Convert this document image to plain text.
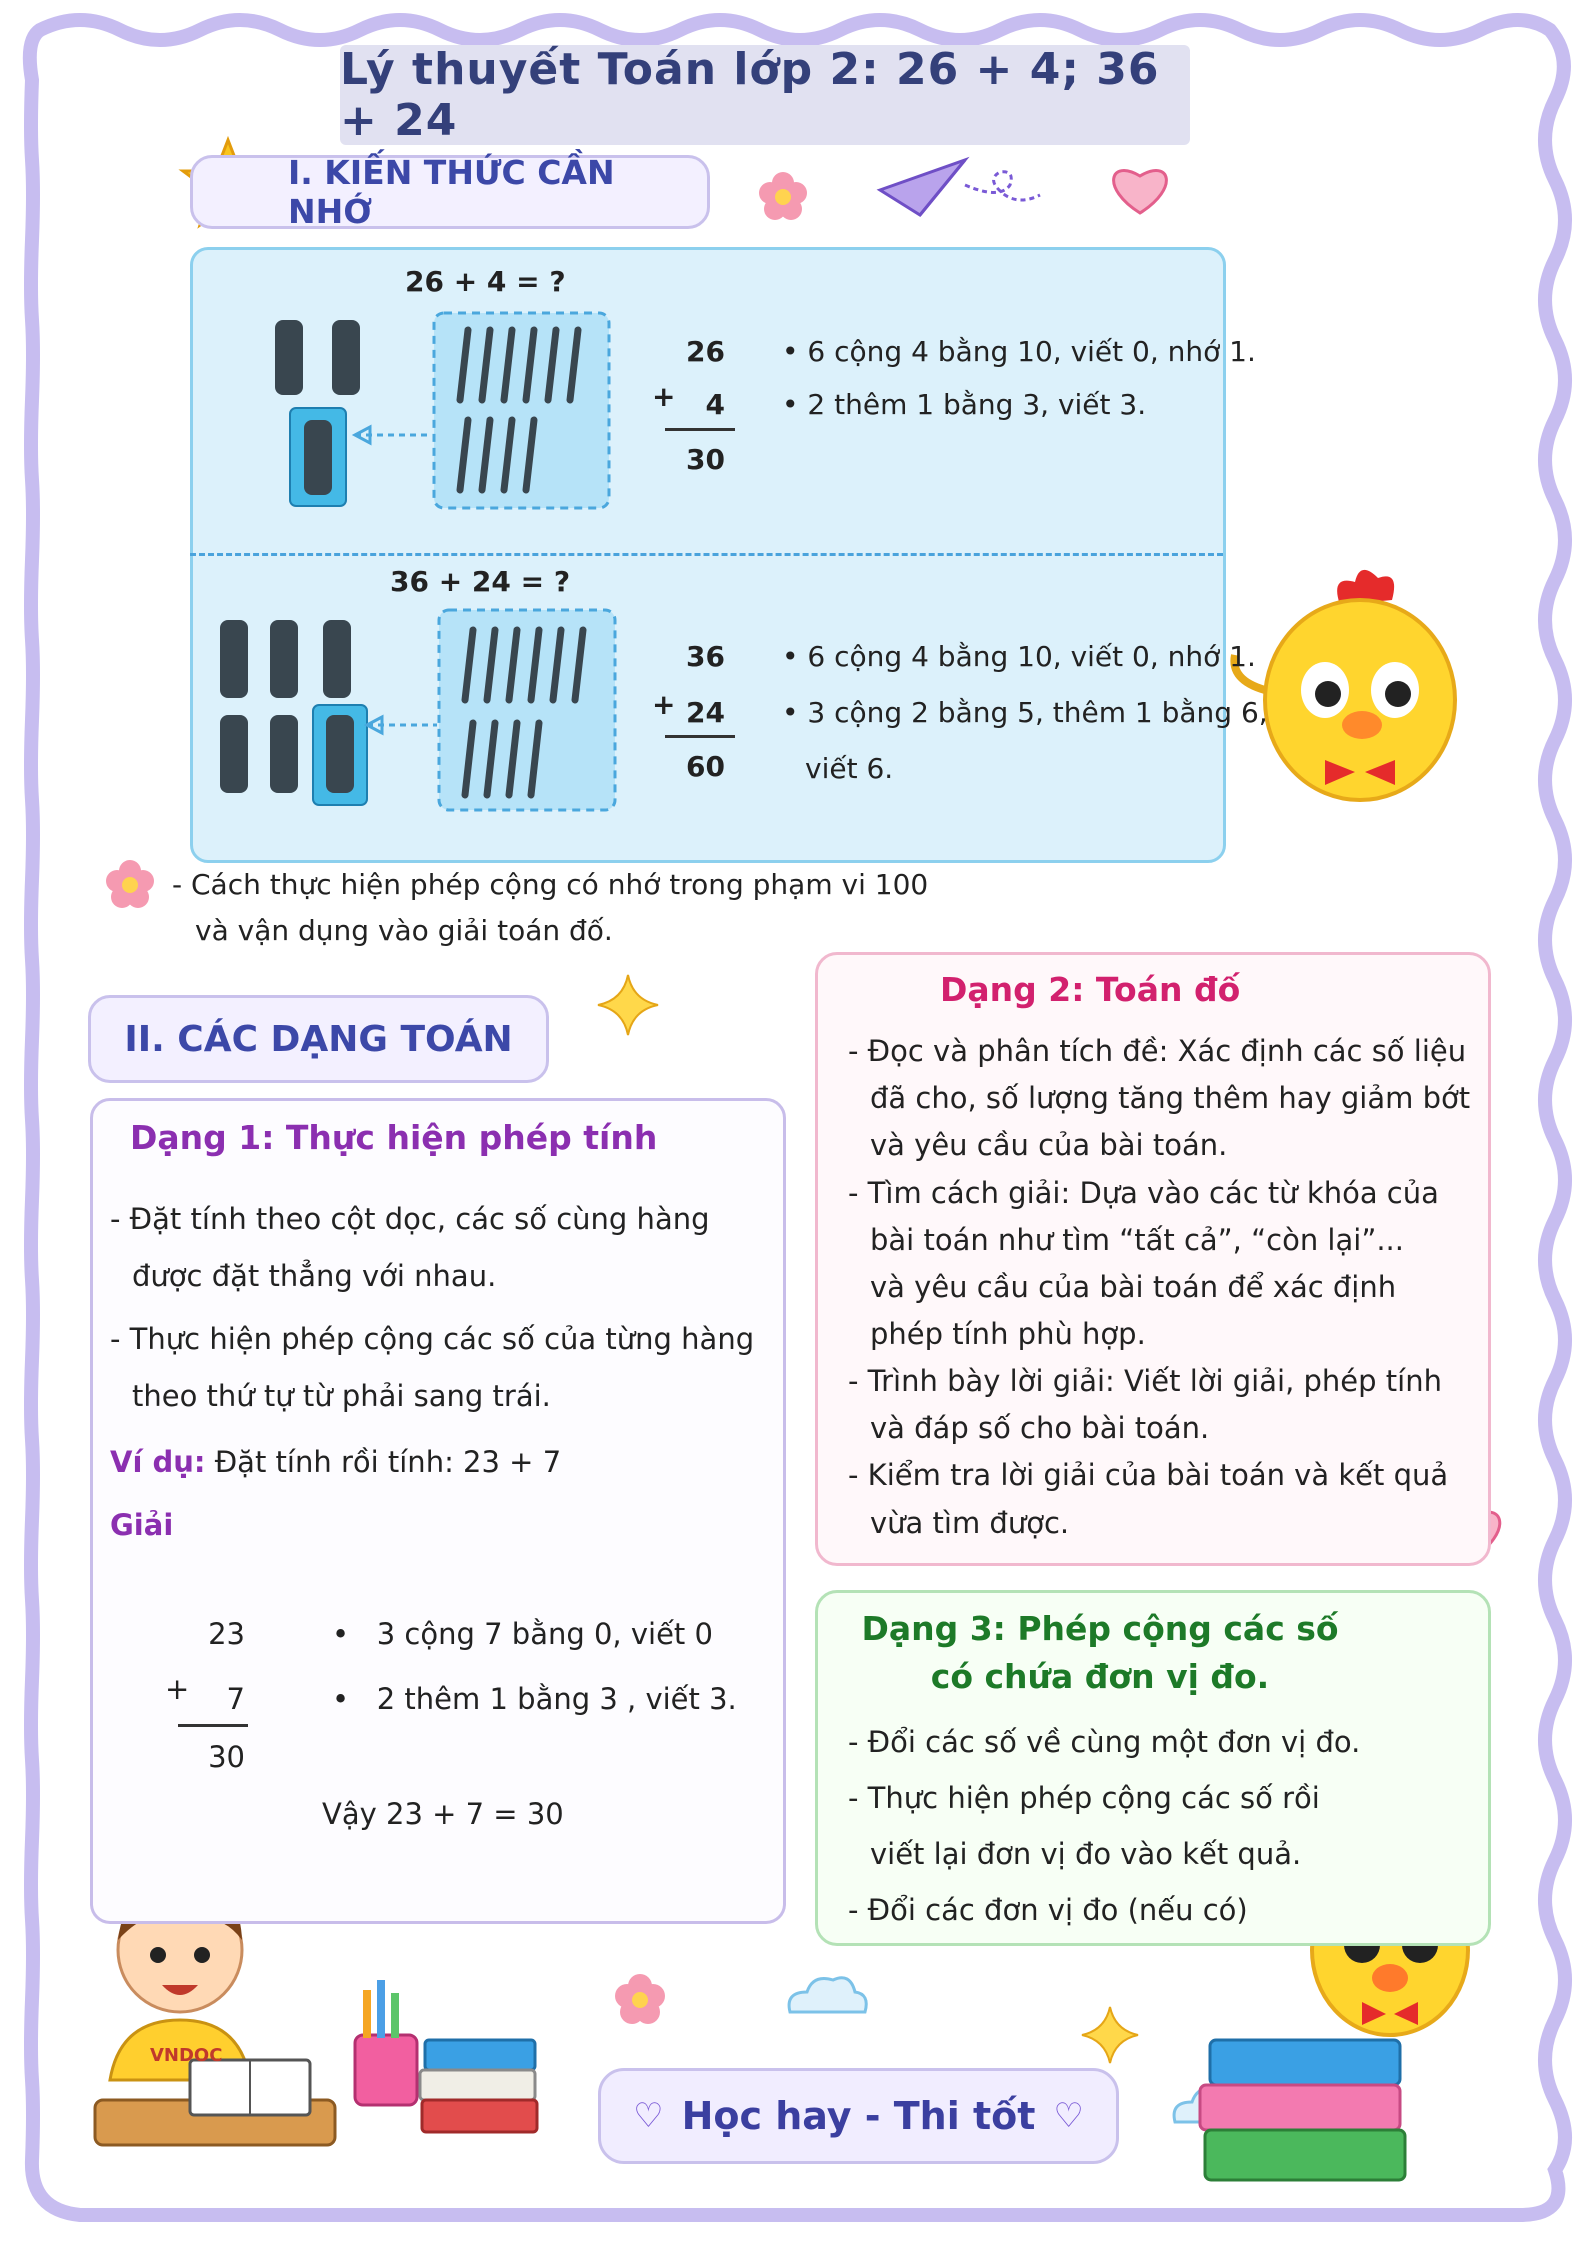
Lý thuyết Toán lớp 2: 26 + 4; 36 + 24
I. KIẾN THỨC CẦN NHỚ
26 + 4 = ?
26
+	4
30
• 6 cộng 4 bằng 10, viết 0, nhớ 1.
• 2 thêm 1 bằng 3, viết 3.
36 + 24 = ?
36
+ 24
60
• 6 cộng 4 bằng 10, viết 0, nhớ 1.
• 3 cộng 2 bằng 5, thêm 1 bằng 6,
viết 6.
- Cách thực hiện phép cộng có nhớ trong phạm vi 100
và vận dụng vào giải toán đố.
II. CÁC DẠNG TOÁN
Dạng 1: Thực hiện phép tính
- Đặt tính theo cột dọc, các số cùng hàng
được đặt thẳng với nhau.
- Thực hiện phép cộng các số của từng hàng
theo thứ tự từ phải sang trái.
Ví dụ: Đặt tính rồi tính: 23 + 7
Giải
23
+	7
30
•   3 cộng 7 bằng 0, viết 0
•   2 thêm 1 bằng 3 , viết 3.
Vậy 23 + 7 = 30
Dạng 2: Toán đố
- Đọc và phân tích đề: Xác định các số liệu
đã cho, số lượng tăng thêm hay giảm bớt
và yêu cầu của bài toán.
- Tìm cách giải: Dựa vào các từ khóa của
bài toán như tìm “tất cả”, “còn lại”...
và yêu cầu của bài toán để xác định
phép tính phù hợp.
- Trình bày lời giải: Viết lời giải, phép tính
và đáp số cho bài toán.
- Kiểm tra lời giải của bài toán và kết quả
vừa tìm được.
Dạng 3: Phép cộng các số
có chứa đơn vị đo.
- Đổi các số về cùng một đơn vị đo.
- Thực hiện phép cộng các số rồi
viết lại đơn vị đo vào kết quả.
- Đổi các đơn vị đo (nếu có)
VNDOC
♡ Học hay - Thi tốt ♡
